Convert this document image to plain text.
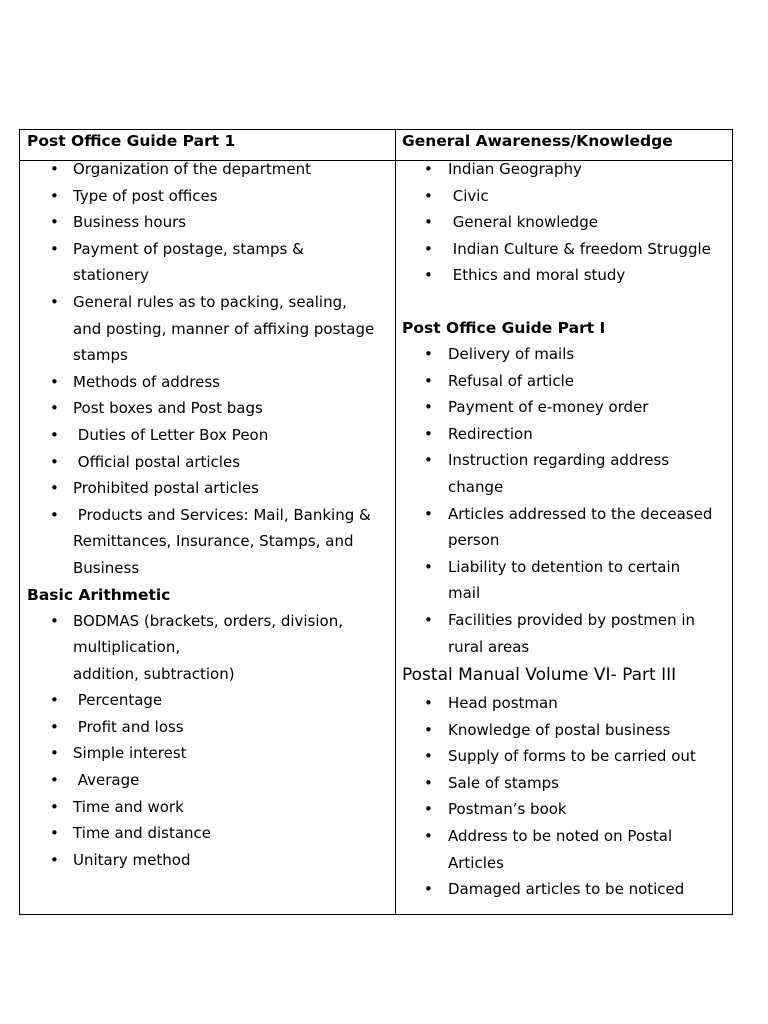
Post Office Guide Part 1
• Organization of the department
• Type of post offices
• Business hours
• Payment of postage, stamps &
stationery
• General rules as to packing, sealing,
and posting, manner of affixing postage
stamps
• Methods of address
• Post boxes and Post bags
• Duties of Letter Box Peon
• Official postal articles
• Prohibited postal articles
• Products and Services: Mail, Banking &
Remittances, Insurance, Stamps, and
Business
Basic Arithmetic
• BODMAS (brackets, orders, division,
multiplication,
addition, subtraction)
• Percentage
• Profit and loss
• Simple interest
• Average
• Time and work
• Time and distance
• Unitary method
General Awareness/Knowledge
• Indian Geography
• Civic
• General knowledge
• Indian Culture & freedom Struggle
• Ethics and moral study
Post Office Guide Part I
• Delivery of mails
• Refusal of article
• Payment of e-money order
• Redirection
• Instruction regarding address
change
• Articles addressed to the deceased
person
• Liability to detention to certain
mail
• Facilities provided by postmen in
rural areas
Postal Manual Volume VI- Part III
• Head postman
• Knowledge of postal business
• Supply of forms to be carried out
• Sale of stamps
• Postman’s book
• Address to be noted on Postal
Articles
• Damaged articles to be noticed
